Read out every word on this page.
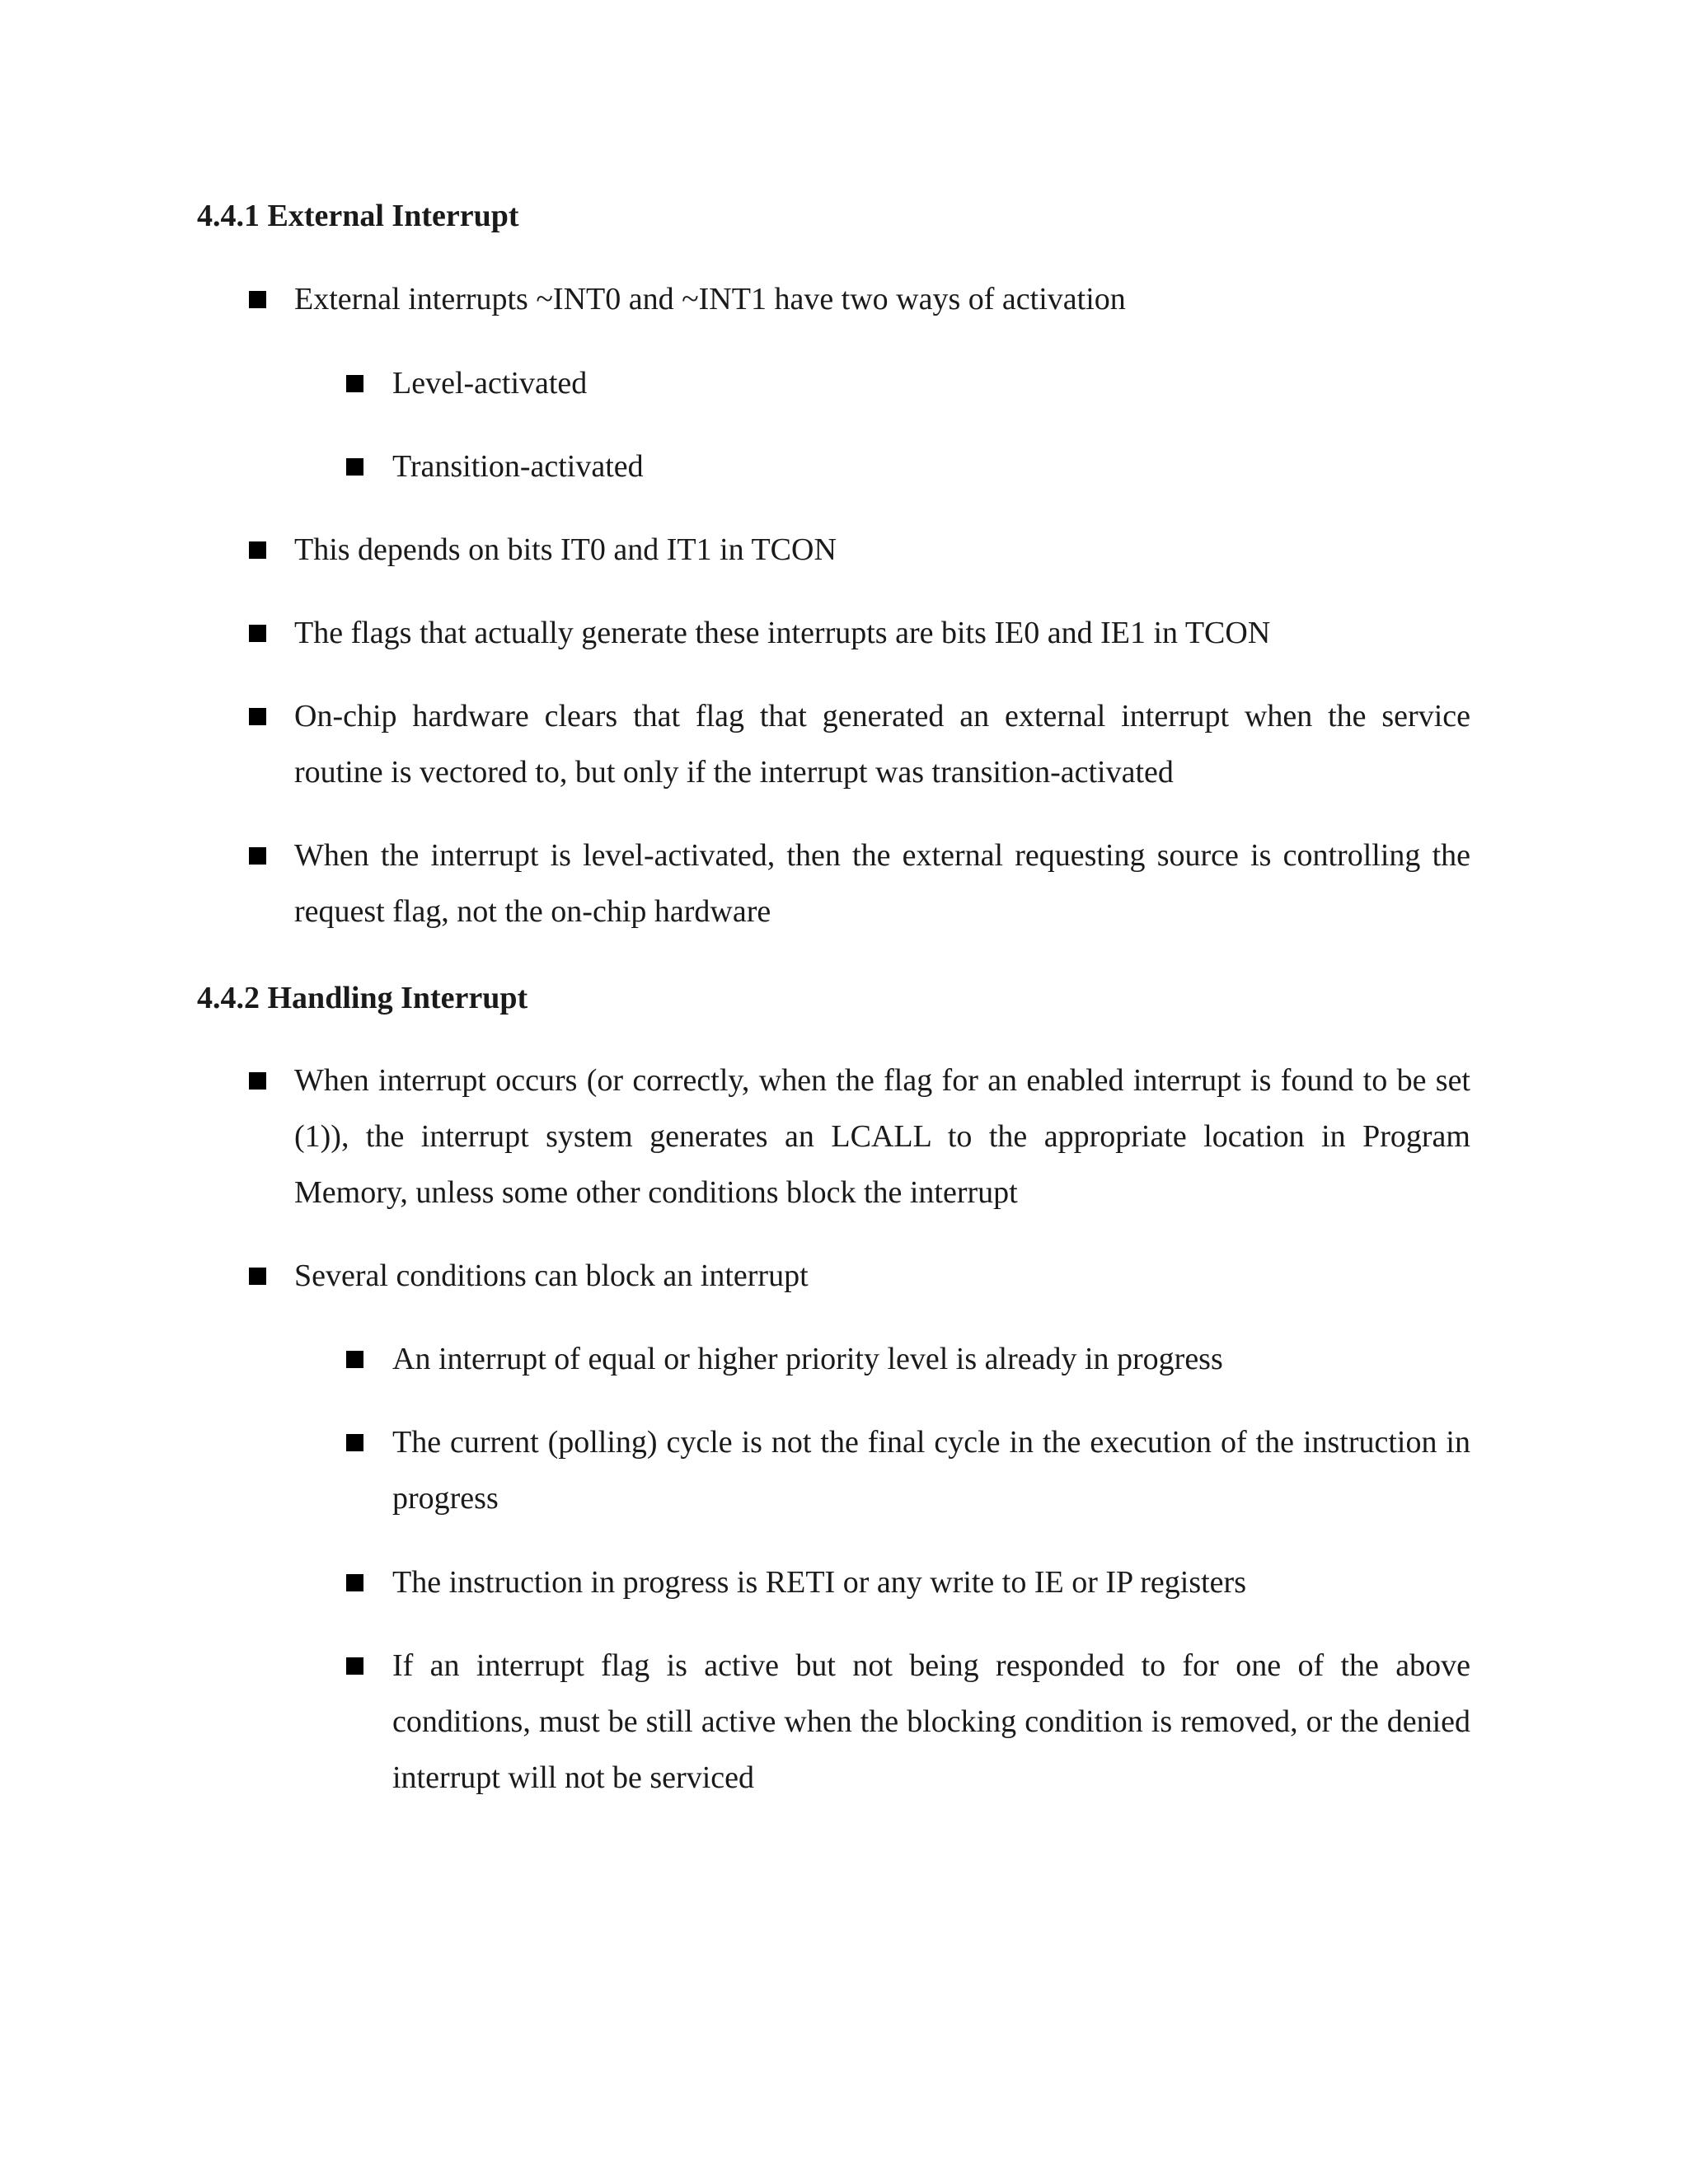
4.4.1 External Interrupt
External interrupts ~INT0 and ~INT1 have two ways of activation
Level-activated
Transition-activated
This depends on bits IT0 and IT1 in TCON
The flags that actually generate these interrupts are bits IE0 and IE1 in TCON
On-chip hardware clears that flag that generated an external interrupt when the service routine is vectored to, but only if the interrupt was transition-activated
When the interrupt is level-activated, then the external requesting source is controlling the request flag, not the on-chip hardware
4.4.2 Handling Interrupt
When interrupt occurs (or correctly, when the flag for an enabled interrupt is found to be set (1)), the interrupt system generates an LCALL to the appropriate location in Program Memory, unless some other conditions block the interrupt
Several conditions can block an interrupt
An interrupt of equal or higher priority level is already in progress
The current (polling) cycle is not the final cycle in the execution of the instruction in progress
The instruction in progress is RETI or any write to IE or IP registers
If an interrupt flag is active but not being responded to for one of the above conditions, must be still active when the blocking condition is removed, or the denied interrupt will not be serviced
